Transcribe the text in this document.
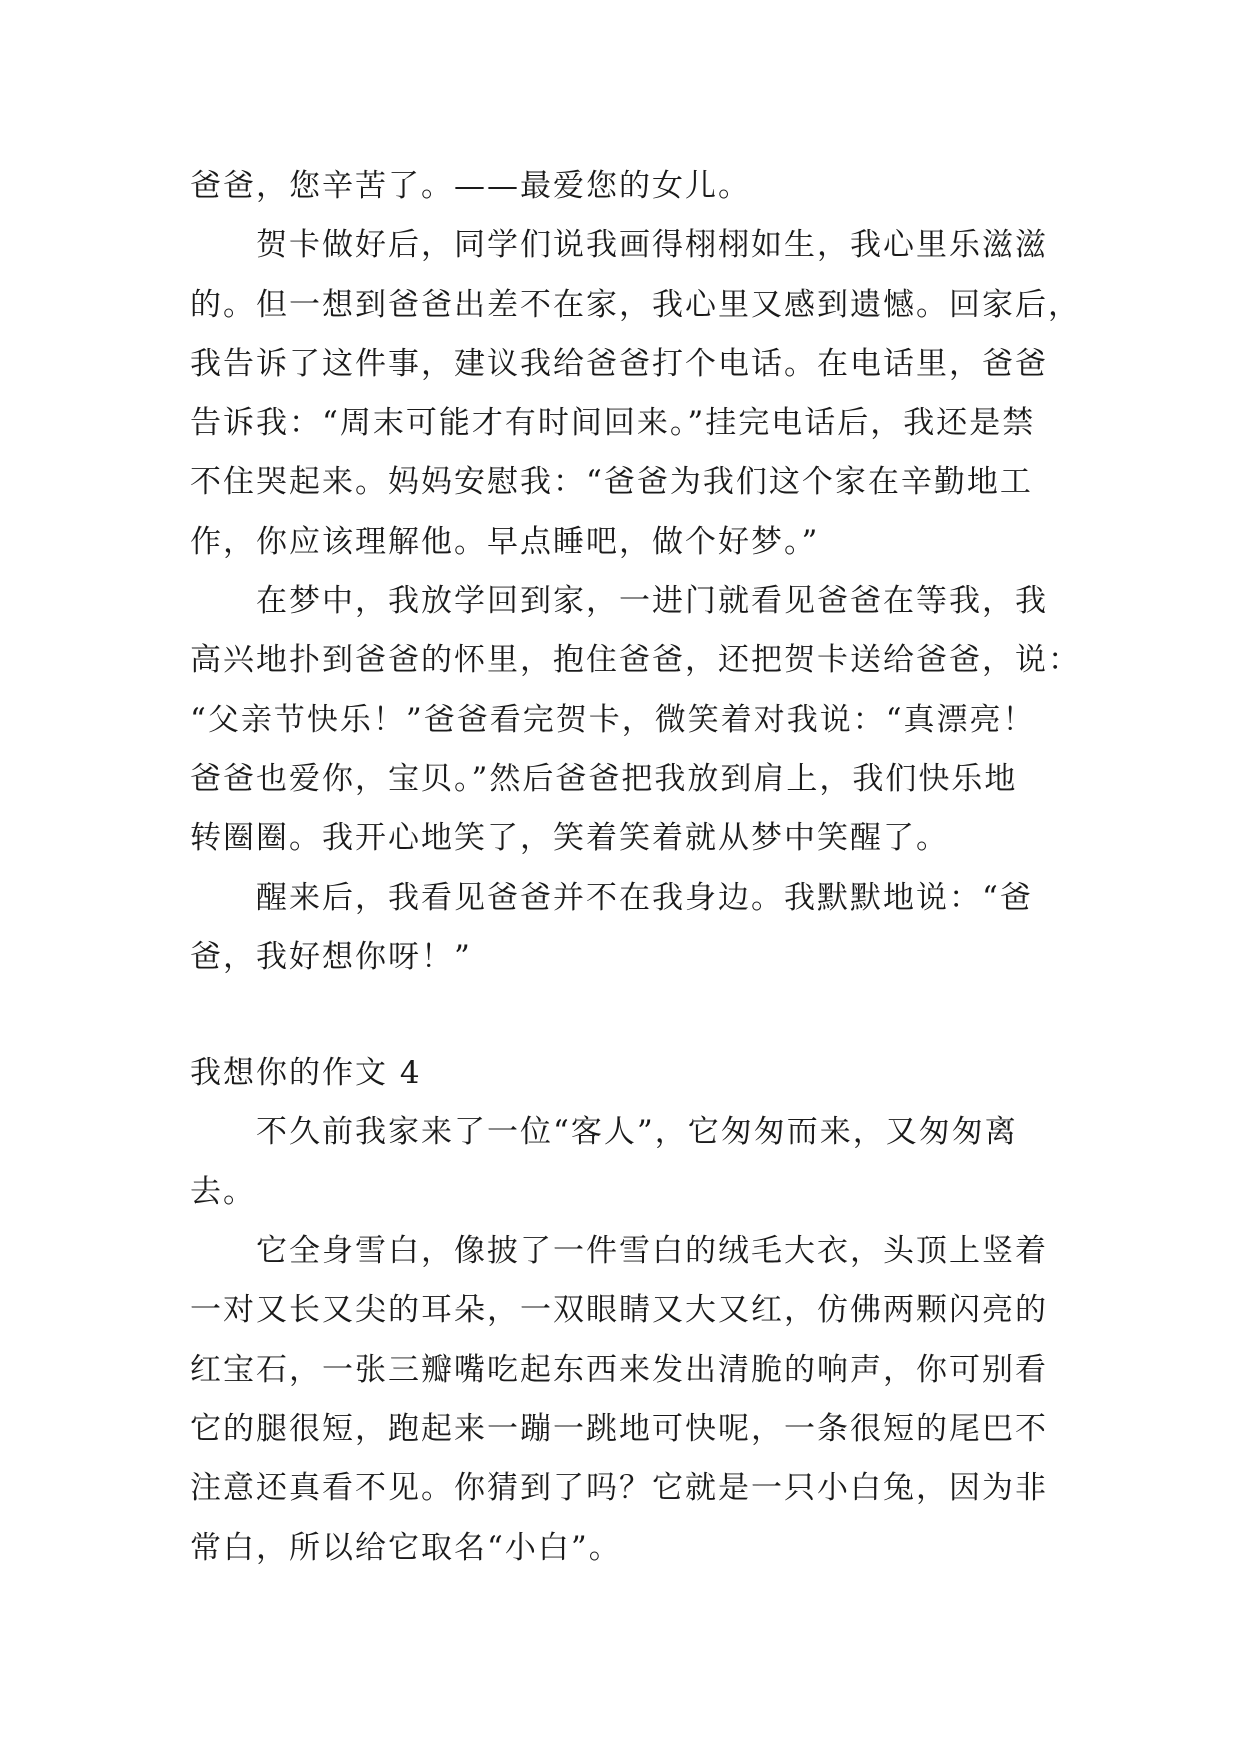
爸爸，您辛苦了。——最爱您的女儿。
贺卡做好后，同学们说我画得栩栩如生，我心里乐滋滋
的。但一想到爸爸出差不在家，我心里又感到遗憾。回家后，
我告诉了这件事，建议我给爸爸打个电话。在电话里，爸爸
告诉我：“周末可能才有时间回来。”挂完电话后，我还是禁
不住哭起来。妈妈安慰我：“爸爸为我们这个家在辛勤地工
作，你应该理解他。早点睡吧，做个好梦。”
在梦中，我放学回到家，一进门就看见爸爸在等我，我
高兴地扑到爸爸的怀里，抱住爸爸，还把贺卡送给爸爸，说：
“父亲节快乐！”爸爸看完贺卡，微笑着对我说：“真漂亮！
爸爸也爱你，宝贝。”然后爸爸把我放到肩上，我们快乐地
转圈圈。我开心地笑了，笑着笑着就从梦中笑醒了。
醒来后，我看见爸爸并不在我身边。我默默地说：“爸
爸，我好想你呀！”
我想你的作文 4
不久前我家来了一位“客人”，它匆匆而来，又匆匆离
去。
它全身雪白，像披了一件雪白的绒毛大衣，头顶上竖着
一对又长又尖的耳朵，一双眼睛又大又红，仿佛两颗闪亮的
红宝石，一张三瓣嘴吃起东西来发出清脆的响声，你可别看
它的腿很短，跑起来一蹦一跳地可快呢，一条很短的尾巴不
注意还真看不见。你猜到了吗？它就是一只小白兔，因为非
常白，所以给它取名“小白”。
